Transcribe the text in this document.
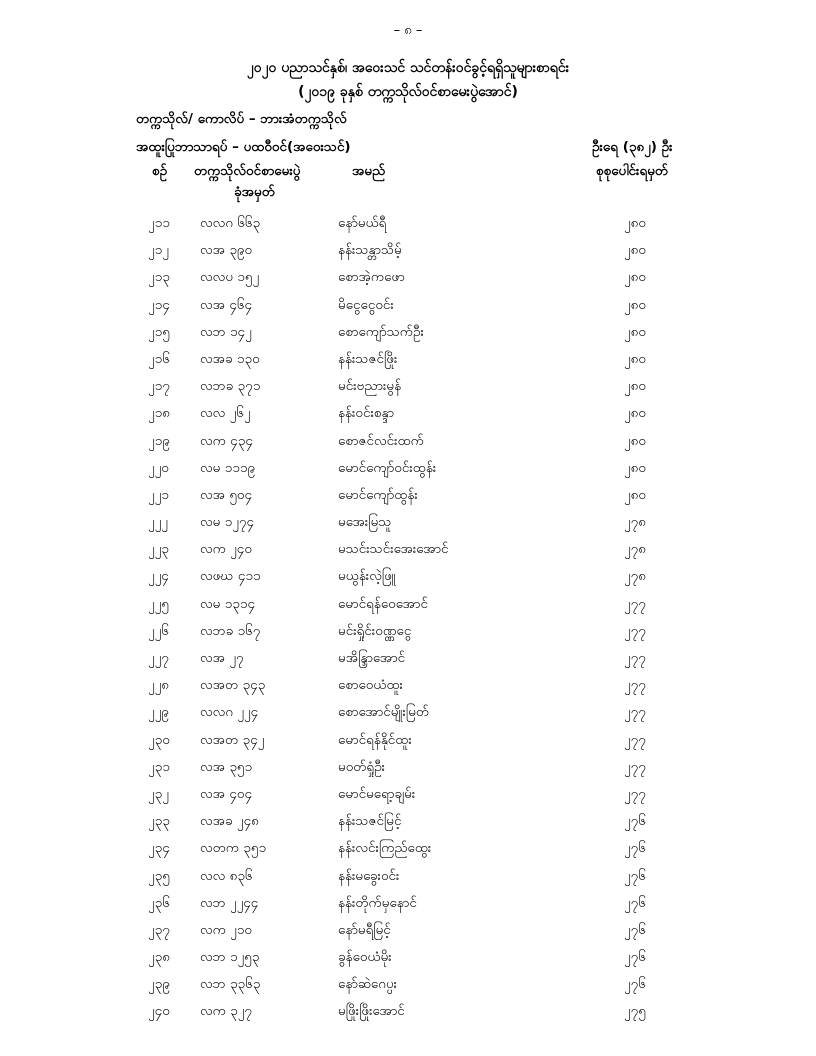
– ၈ –
၂၀၂၀ ပညာသင်နှစ်၊ အဝေးသင် သင်တန်းဝင်ခွင့်ရရှိသူများစာရင်း
(၂၀၁၉ ခုနှစ် တက္ကသိုလ်ဝင်စာမေးပွဲအောင်)
တက္ကသိုလ်/ ကောလိပ် – ဘားအံတက္ကသိုလ်
အထူးပြုဘာသာရပ် – ပထဝီဝင်(အဝေးသင်)	ဦးရေ (၃၈၂) ဦး
စဉ် တက္ကသိုလ်ဝင်စာမေးပွဲ
ခုံအမှတ်
အမည်	စုစုပေါင်းရမှတ်
၂၁၁ လလဂ ၆၆၃	နော်မယ်ရီ	၂၈၀
၂၁၂ လအ ၃၉၀	နန်းသန္တာသိမ့်	၂၈၀
၂၁၃ လလပ ၁၅၂	စောအဲ့ကဖော	၂၈၀
၂၁၄ လအ ၄၆၄	မိငွေငွေဝင်း	၂၈၀
၂၁၅ လဘ ၁၄၂	စောကျော်သက်ဦး	၂၈၀
၂၁၆ လအခ ၁၃၀	နန်းသဇင်ဖြိုး	၂၈၀
၂၁၇ လဘခ ၃၇၁	မင်းဗညားမွန်	၂၈၀
၂၁၈ လလ ၂၆၂	နန်းဝင်းစန္ဒာ	၂၈၀
၂၁၉ လက ၄၃၄	စောဇင်လင်းထက်	၂၈၀
၂၂၀ လမ ၁၁၁၉	မောင်ကျော်ဝင်းထွန်း	၂၈၀
၂၂၁ လအ ၅၀၄	မောင်ကျော်ထွန်း	၂၈၀
၂၂၂ လမ ၁၂၇၄	မအေးမြသူ	၂၇၈
၂၂၃ လက ၂၄၀	မသင်းသင်းအေးအောင်	၂၇၈
၂၂၄ လဖဃ ၄၁၁	မယွန်းလဲ့ဖြူ	၂၇၈
၂၂၅ လမ ၁၃၁၄	မောင်ရန်ဝေအောင်	၂၇၇
၂၂၆ လဘခ ၁၆၇	မင်းရှိုင်းဝဏ္ဏငွေ	၂၇၇
၂၂၇ လအ ၂၇	မအိန္ဒြာအောင်	၂၇၇
၂၂၈ လအတ ၃၄၃	စောဝေယံထူး	၂၇၇
၂၂၉ လလဂ ၂၂၄	စောအောင်မျိုးမြတ်	၂၇၇
၂၃၀ လအတ ၃၄၂	မောင်ရန်နိုင်ထူး	၂၇၇
၂၃၁ လအ ၃၅၁	မဝတ်ရှုံဦး	၂၇၇
၂၃၂ လအ ၄၀၄	မောင်မရော့ချမ်း	၂၇၇
၂၃၃ လအခ ၂၄၈	နန်းသဇင်မြင့်	၂၇၆
၂၃၄ လတက ၃၅၁	နန်းလင်းကြည်ထွေး	၂၇၆
၂၃၅ လလ ၈၃၆	နန်းမခွေးဝင်း	၂၇၆
၂၃၆ လဘ ၂၂၄၄	နန်းတိုက်မှနောင်	၂၇၆
၂၃၇ လက ၂၁၀	နော်မရီမြင့်	၂၇၆
၂၃၈ လဘ ၁၂၅၃	ခွန်ဝေယံမိုး	၂၇၆
၂၃၉ လဘ ၃၃၆၃	နော်ဆဲဂေပ္ပး	၂၇၆
၂၄၀ လက ၃၂၇	မဖြိုးဖြိုးအောင်	၂၇၅
